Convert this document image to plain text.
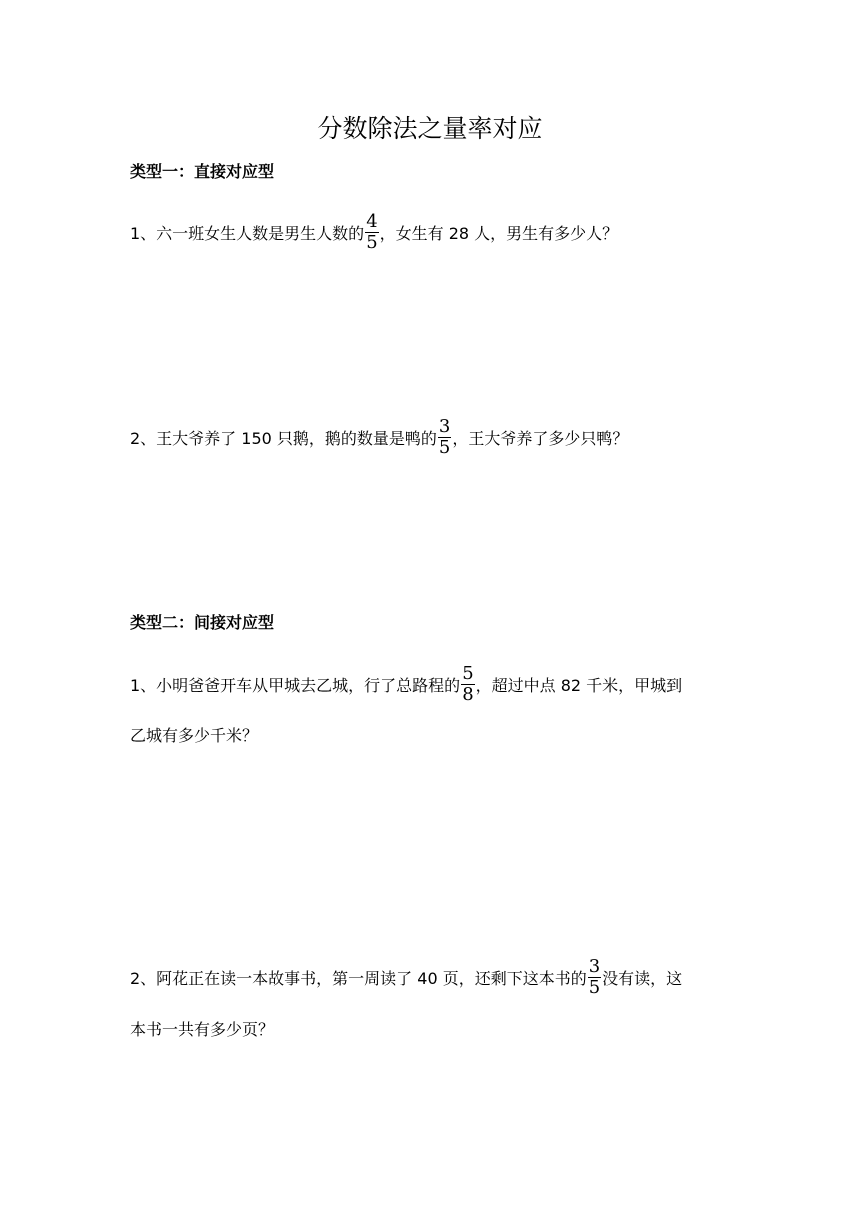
分数除法之量率对应
类型一：直接对应型
1、六一班女生人数是男生人数的 $\frac{4}{5}$ ，女生有 28 人，男生有多少人？
2、王大爷养了 150 只鹅，鹅的数量是鸭的 $\frac{3}{5}$ ，王大爷养了多少只鸭？
类型二：间接对应型
1、小明爸爸开车从甲城去乙城，行了总路程的 $\frac{5}{8}$ ，超过中点 82 千米，甲城到
乙城有多少千米？
2、阿花正在读一本故事书，第一周读了 40 页，还剩下这本书的 $\frac{3}{5}$ 没有读，这
本书一共有多少页？
